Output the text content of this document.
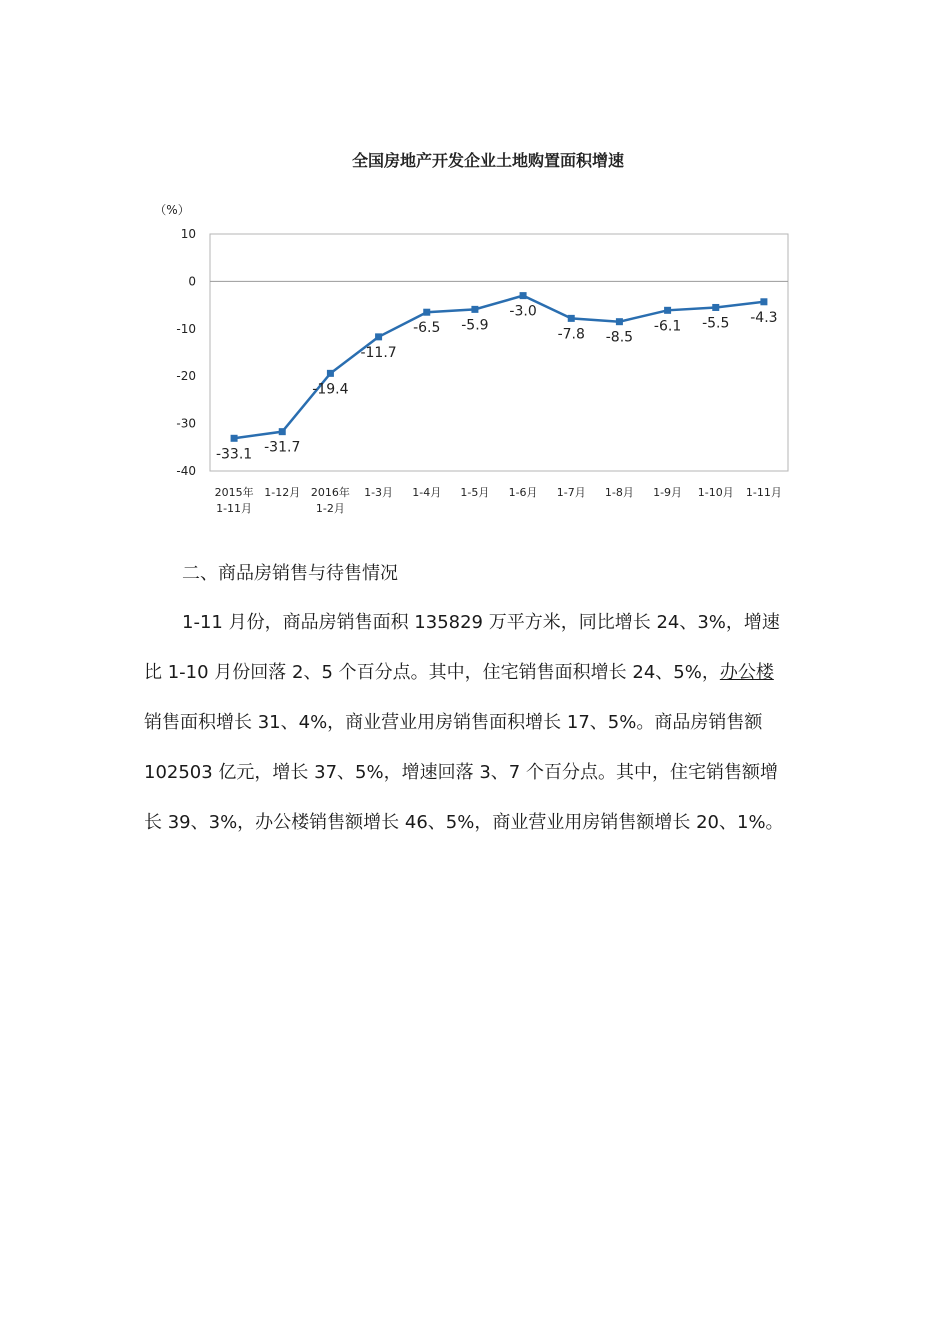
全国房地产开发企业土地购置面积增速
（%）
10
0
-10
-20
-30
-40
2015年 1-11月
1-12月 2016年 1-2月
1-3月 1-4月 1-5月 1-6月 1-7月 1-8月 1-9月 1-10月 1-11月
-33.1 -31.7
-19.4
-11.7
-6.5 -5.9
-3.0
-7.8 -8.5
-6.1 -5.5 -4.3
二、商品房销售与待售情况
1-11 月份，商品房销售面积 135829 万平方米，同比增长 24、3%，增速
比 1-10 月份回落 2、5 个百分点。其中，住宅销售面积增长 24、5%，办公楼
销售面积增长 31、4%，商业营业用房销售面积增长 17、5%。商品房销售额
102503 亿元，增长 37、5%，增速回落 3、7 个百分点。其中，住宅销售额增
长 39、3%，办公楼销售额增长 46、5%，商业营业用房销售额增长 20、1%。
